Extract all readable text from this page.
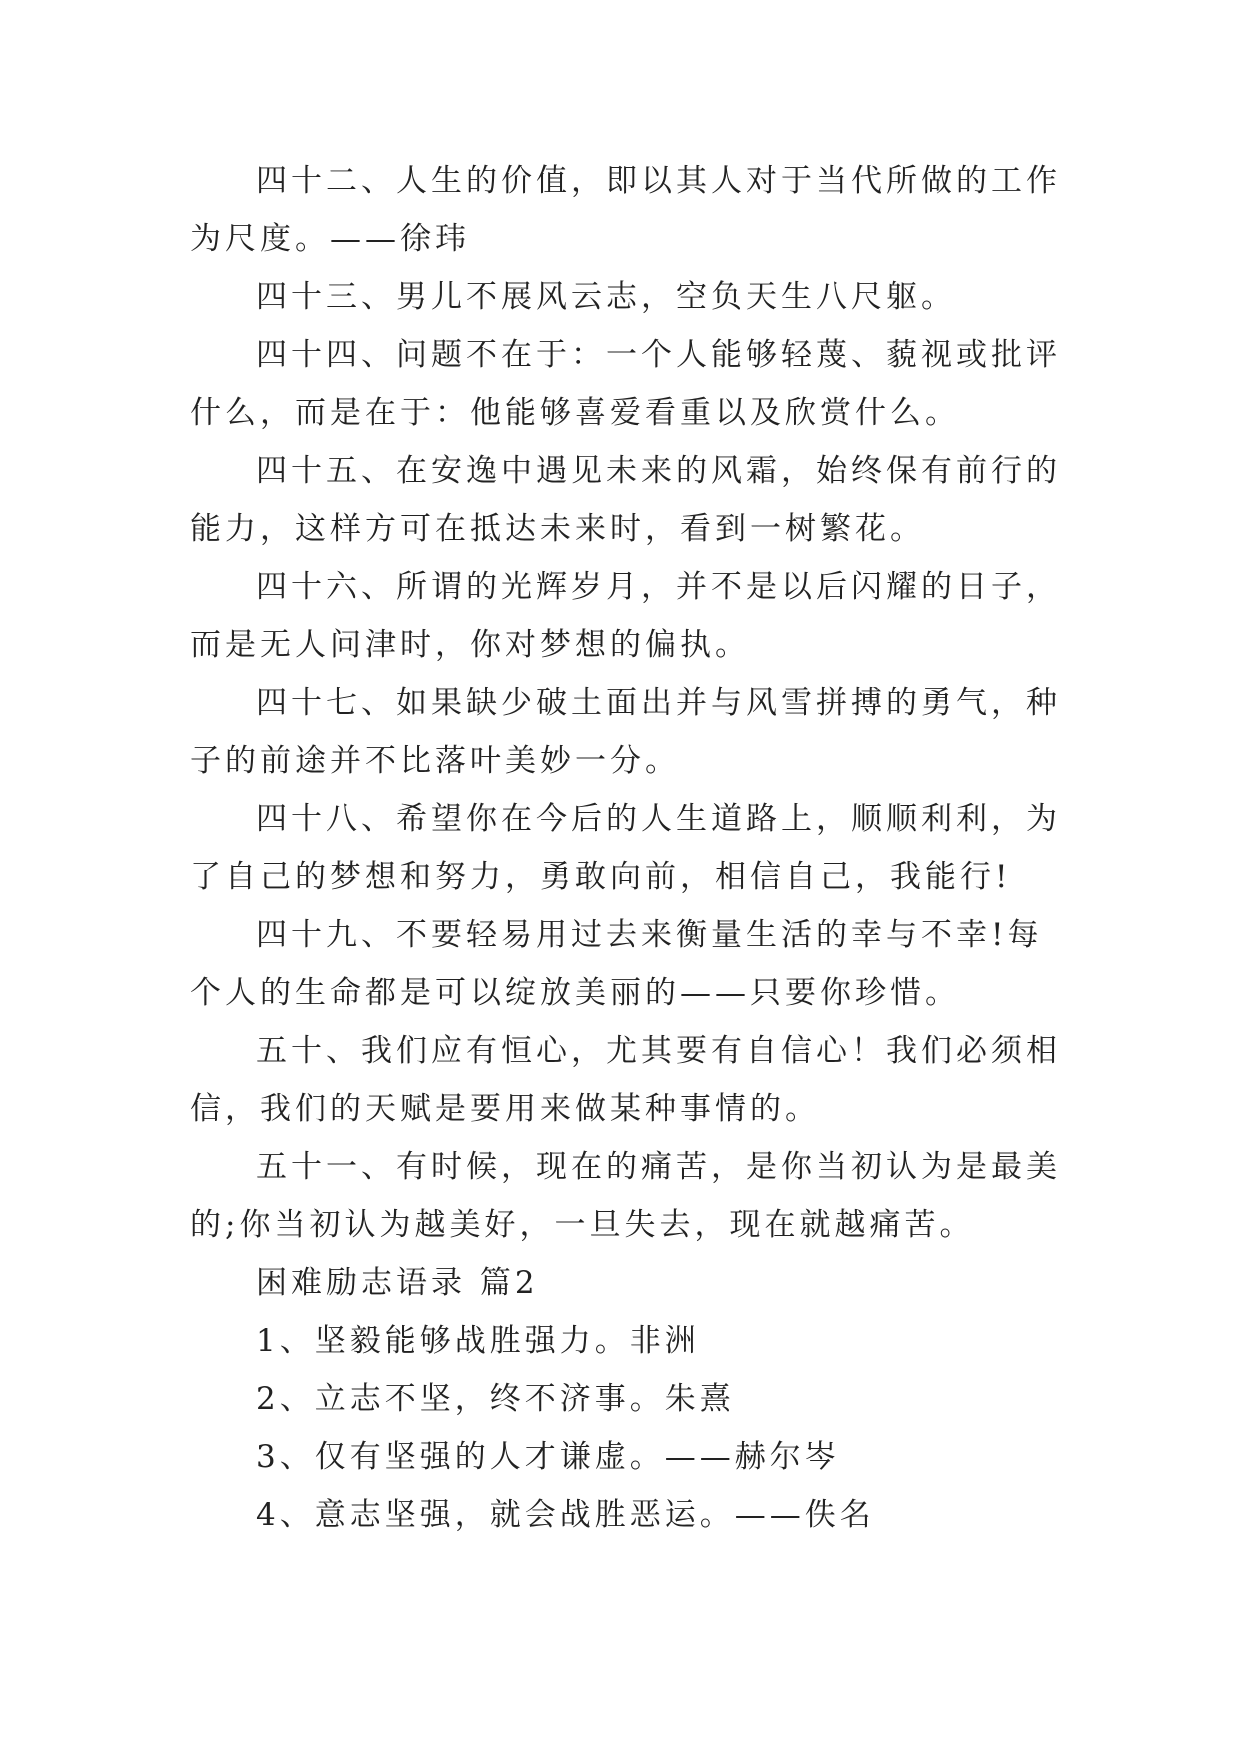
四十二、人生的价值，即以其人对于当代所做的工作为尺度。——徐玮

四十三、男儿不展风云志，空负天生八尺躯。

四十四、问题不在于：一个人能够轻蔑、藐视或批评什么，而是在于：他能够喜爱看重以及欣赏什么。

四十五、在安逸中遇见未来的风霜，始终保有前行的能力，这样方可在抵达未来时，看到一树繁花。

四十六、所谓的光辉岁月，并不是以后闪耀的日子，而是无人问津时，你对梦想的偏执。

四十七、如果缺少破土面出并与风雪拼搏的勇气，种子的前途并不比落叶美妙一分。

四十八、希望你在今后的人生道路上，顺顺利利，为了自己的梦想和努力，勇敢向前，相信自己，我能行!

四十九、不要轻易用过去来衡量生活的幸与不幸!每个人的生命都是可以绽放美丽的——只要你珍惜。

五十、我们应有恒心，尤其要有自信心！我们必须相信，我们的天赋是要用来做某种事情的。

五十一、有时候，现在的痛苦，是你当初认为是最美的;你当初认为越美好，一旦失去，现在就越痛苦。

困难励志语录 篇2

1、坚毅能够战胜强力。非洲

2、立志不坚，终不济事。朱熹

3、仅有坚强的人才谦虚。——赫尔岑

4、意志坚强，就会战胜恶运。——佚名
